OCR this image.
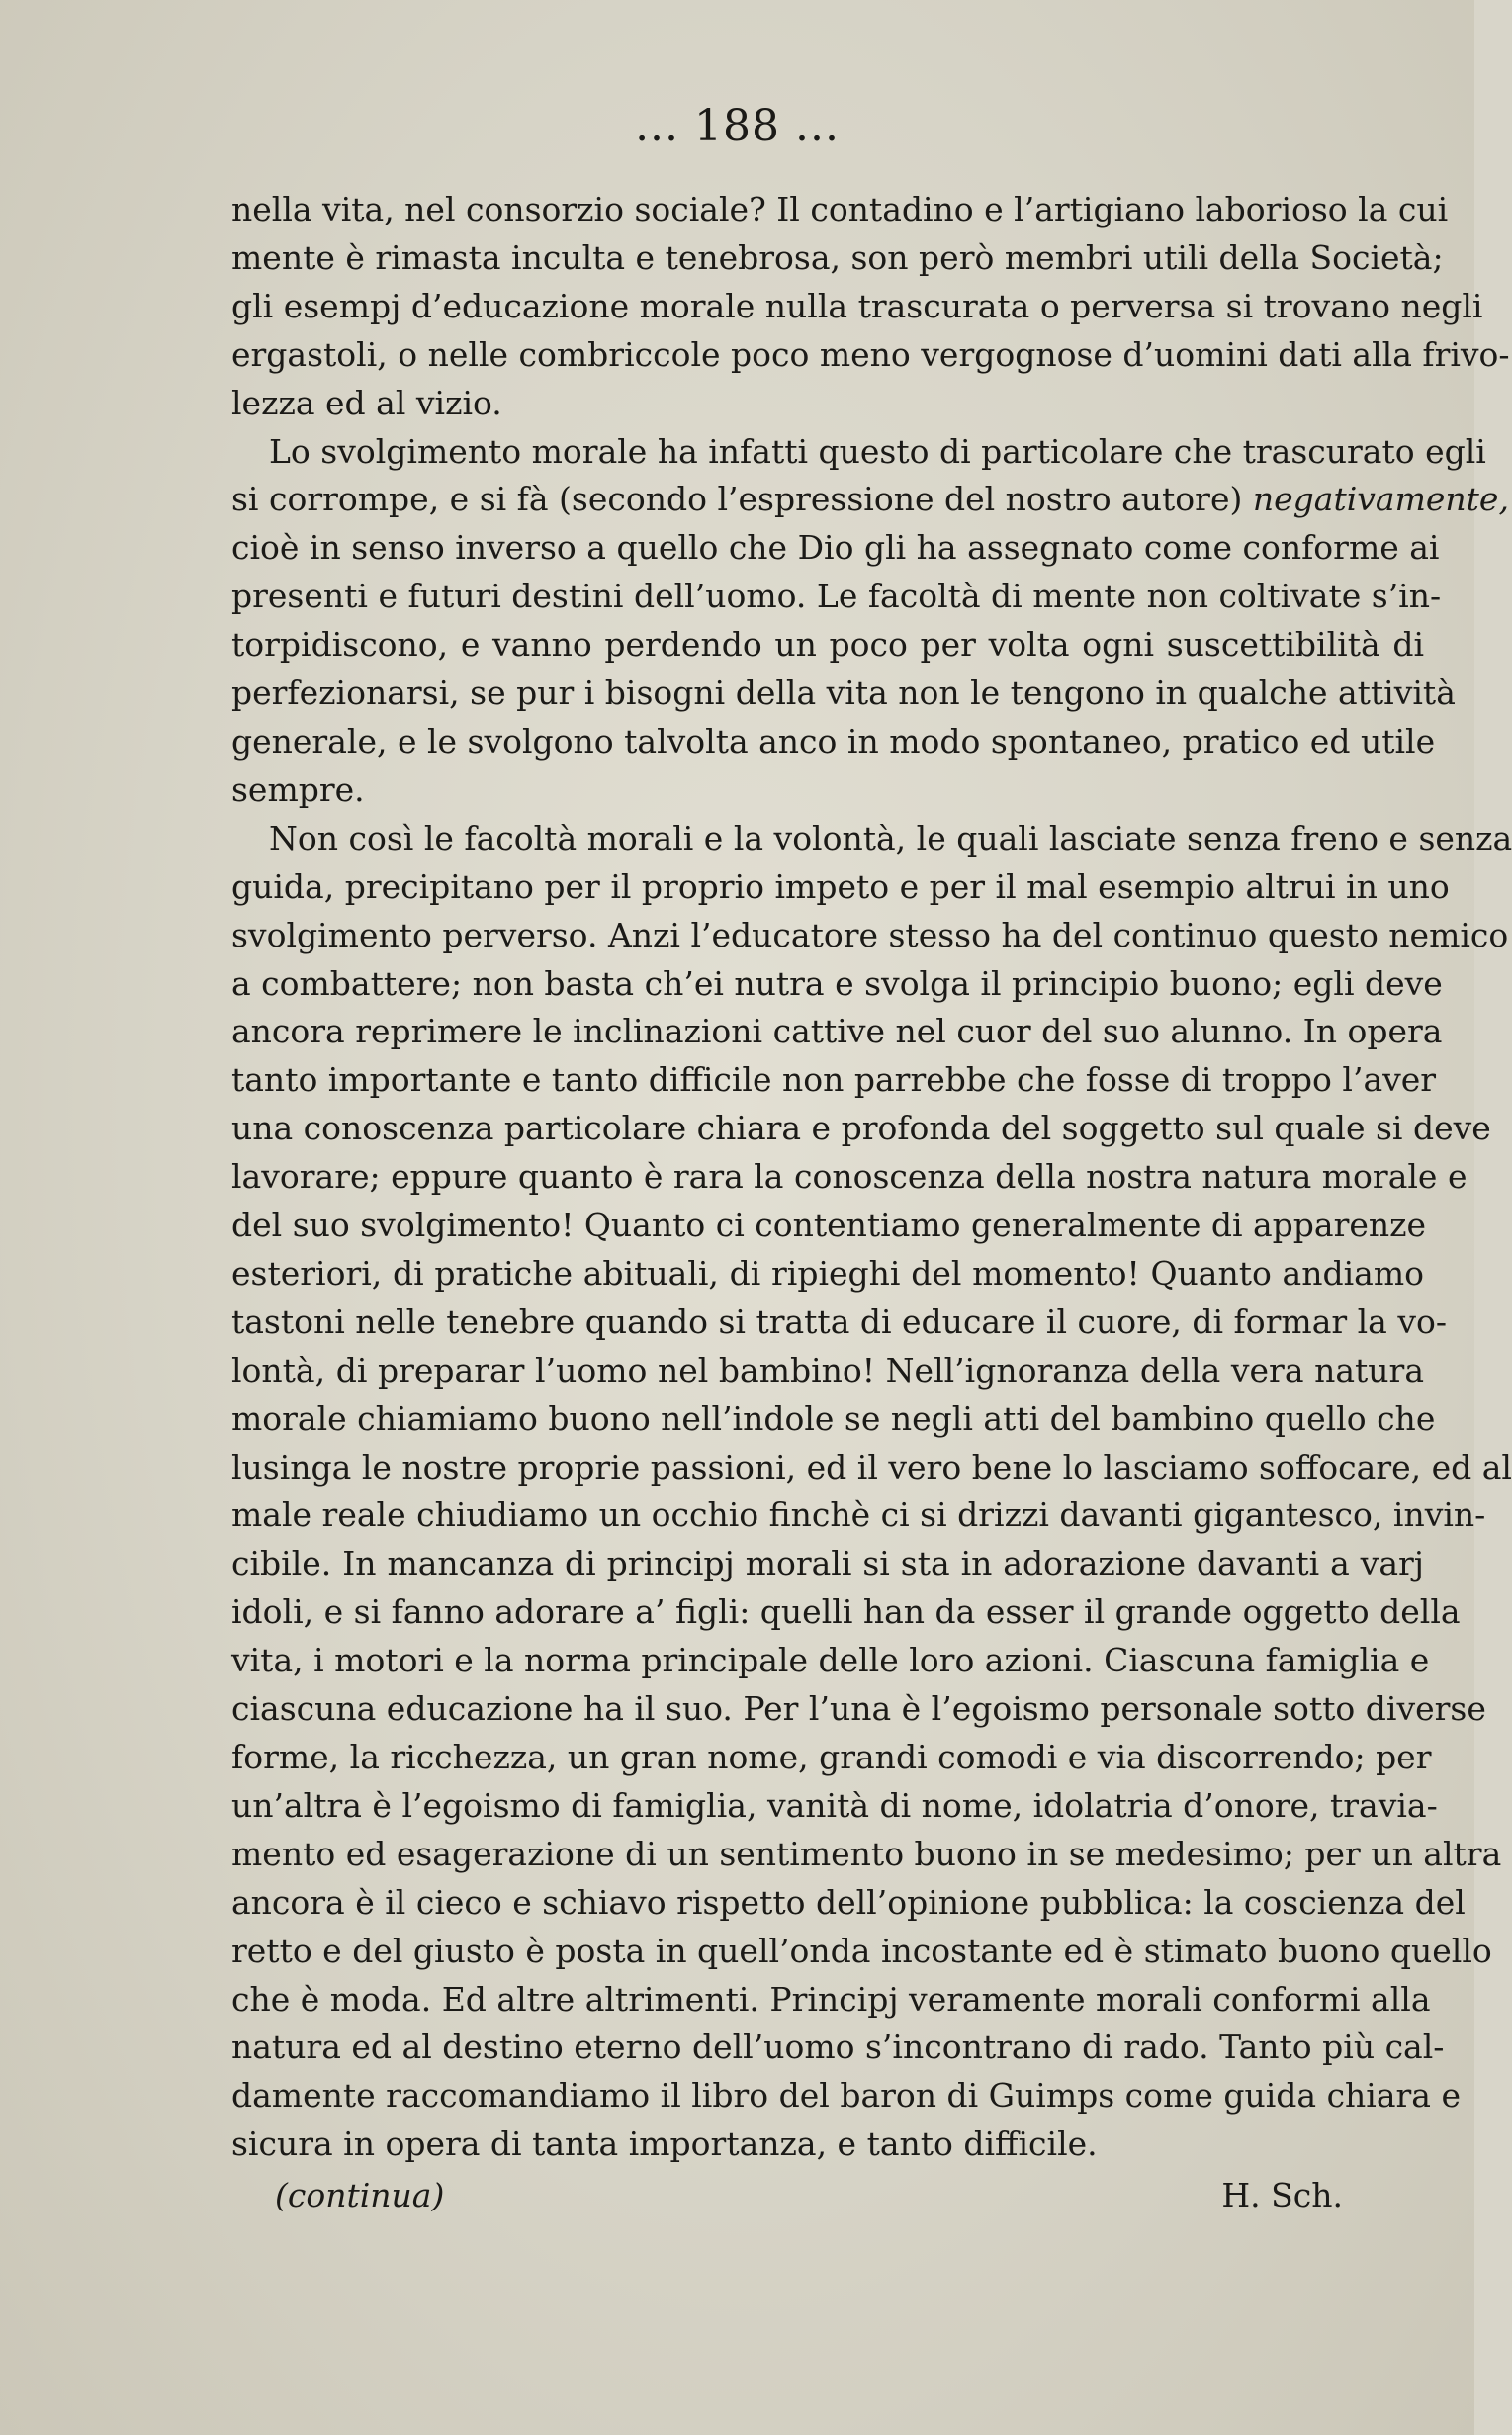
... 188 ...
nella vita, nel consorzio sociale? Il contadino e l’artigiano laborioso la cui
mente è rimasta inculta e tenebrosa, son però membri utili della Società;
gli esempj d’educazione morale nulla trascurata o perversa si trovano negli
ergastoli, o nelle combriccole poco meno vergognose d’uomini dati alla frivo-
lezza ed al vizio.
Lo svolgimento morale ha infatti questo di particolare che trascurato egli
si corrompe, e si fà (secondo l’espressione del nostro autore) negativamente,
cioè in senso inverso a quello che Dio gli ha assegnato come conforme ai
presenti e futuri destini dell’uomo. Le facoltà di mente non coltivate s’in-
torpidiscono, e vanno perdendo un poco per volta ogni suscettibilità di
perfezionarsi, se pur i bisogni della vita non le tengono in qualche attività
generale, e le svolgono talvolta anco in modo spontaneo, pratico ed utile
sempre.
Non così le facoltà morali e la volontà, le quali lasciate senza freno e senza
guida, precipitano per il proprio impeto e per il mal esempio altrui in uno
svolgimento perverso. Anzi l’educatore stesso ha del continuo questo nemico
a combattere; non basta ch’ei nutra e svolga il principio buono; egli deve
ancora reprimere le inclinazioni cattive nel cuor del suo alunno. In opera
tanto importante e tanto difficile non parrebbe che fosse di troppo l’aver
una conoscenza particolare chiara e profonda del soggetto sul quale si deve
lavorare; eppure quanto è rara la conoscenza della nostra natura morale e
del suo svolgimento! Quanto ci contentiamo generalmente di apparenze
esteriori, di pratiche abituali, di ripieghi del momento! Quanto andiamo
tastoni nelle tenebre quando si tratta di educare il cuore, di formar la vo-
lontà, di preparar l’uomo nel bambino! Nell’ignoranza della vera natura
morale chiamiamo buono nell’indole se negli atti del bambino quello che
lusinga le nostre proprie passioni, ed il vero bene lo lasciamo soffocare, ed al
male reale chiudiamo un occhio finchè ci si drizzi davanti gigantesco, invin-
cibile. In mancanza di principj morali si sta in adorazione davanti a varj
idoli, e si fanno adorare a’ figli: quelli han da esser il grande oggetto della
vita, i motori e la norma principale delle loro azioni. Ciascuna famiglia e
ciascuna educazione ha il suo. Per l’una è l’egoismo personale sotto diverse
forme, la ricchezza, un gran nome, grandi comodi e via discorrendo; per
un’altra è l’egoismo di famiglia, vanità di nome, idolatria d’onore, travia-
mento ed esagerazione di un sentimento buono in se medesimo; per un altra
ancora è il cieco e schiavo rispetto dell’opinione pubblica: la coscienza del
retto e del giusto è posta in quell’onda incostante ed è stimato buono quello
che è moda. Ed altre altrimenti. Principj veramente morali conformi alla
natura ed al destino eterno dell’uomo s’incontrano di rado. Tanto più cal-
damente raccomandiamo il libro del baron di Guimps come guida chiara e
sicura in opera di tanta importanza, e tanto difficile.
(continua)	H. Sch.
